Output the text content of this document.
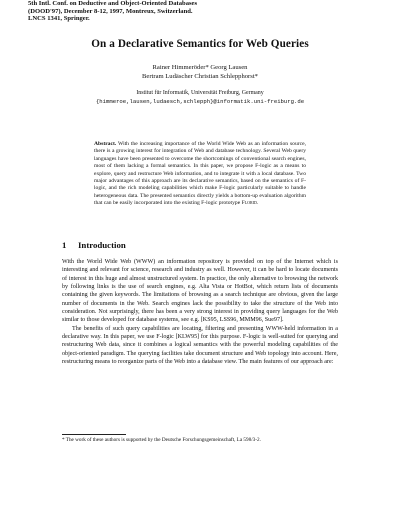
5th Intl. Conf. on Deductive and Object-Oriented Databases
(DOOD'97), December 8-12, 1997, Montreux, Switzerland.
LNCS 1341, Springer.
On a Declarative Semantics for Web Queries
Rainer Himmeröder* Georg Lausen
Bertram Ludäscher Christian Schlepphorst*
Institut für Informatik, Universität Freiburg, Germany
{himmeroe,lausen,ludaesch,schlepph}@informatik.uni-freiburg.de
Abstract. With the increasing importance of the World Wide Web as an information source, there is a growing interest for integration of Web and database technology. Several Web query languages have been presented to overcome the shortcomings of conventional search engines, most of them lacking a formal semantics. In this paper, we propose F-logic as a means to explore, query and restructure Web information, and to integrate it with a local database. Two major advantages of this approach are its declarative semantics, based on the semantics of F-logic, and the rich modeling capabilities which make F-logic particularly suitable to handle heterogeneous data. The presented semantics directly yields a bottom-up evaluation algorithm that can be easily incorporated into the existing F-logic prototype Florid.
1 Introduction

With the World Wide Web (WWW) an information repository is provided on top of the Internet which is interesting and relevant for science, research and industry as well. However, it can be hard to locate documents of interest in this huge and almost unstructured system. In practice, the only alternative to browsing the network by following links is the use of search engines, e.g. Alta Vista or HotBot, which return lists of documents containing the given keywords. The limitations of browsing as a search technique are obvious, given the large number of documents in the Web. Search engines lack the possibility to take the structure of the Web into consideration. Not surprisingly, there has been a very strong interest in providing query languages for the Web similar to those developed for database systems, see e.g. [KS95, LSS96, MMM96, Sue97].

The benefits of such query capabilities are locating, filtering and presenting WWW-held information in a declarative way. In this paper, we use F-logic [KLW95] for this purpose. F-logic is well-suited for querying and restructuring Web data, since it combines a logical semantics with the powerful modeling capabilities of the object-oriented paradigm. The querying facilities take document structure and Web topology into account. Here, restructuring means to reorganize parts of the Web into a database view. The main features of our approach are:

* The work of these authors is supported by the Deutsche Forschungsgemeinschaft, La 598/3-2.
